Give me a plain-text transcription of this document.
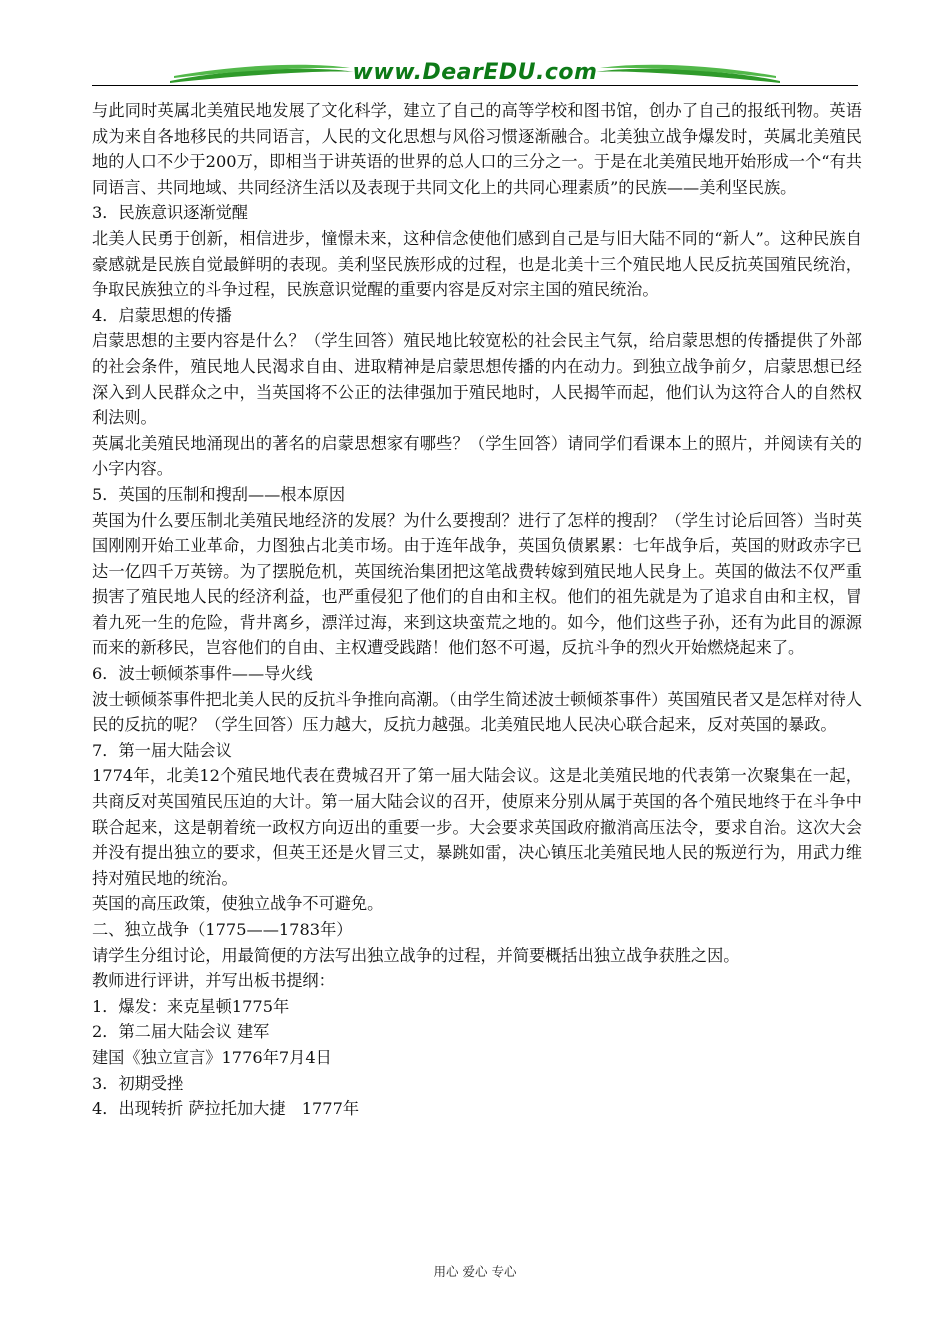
www.DearEDU.com

与此同时英属北美殖民地发展了文化科学，建立了自己的高等学校和图书馆，创办了自己的报纸刊物。英语成为来自各地移民的共同语言，人民的文化思想与风俗习惯逐渐融合。北美独立战争爆发时，英属北美殖民地的人口不少于200万，即相当于讲英语的世界的总人口的三分之一。于是在北美殖民地开始形成一个“有共同语言、共同地域、共同经济生活以及表现于共同文化上的共同心理素质”的民族——美利坚民族。

3．民族意识逐渐觉醒

北美人民勇于创新，相信进步，憧憬未来，这种信念使他们感到自己是与旧大陆不同的“新人”。这种民族自豪感就是民族自觉最鲜明的表现。美利坚民族形成的过程，也是北美十三个殖民地人民反抗英国殖民统治，争取民族独立的斗争过程，民族意识觉醒的重要内容是反对宗主国的殖民统治。

4．启蒙思想的传播

启蒙思想的主要内容是什么？（学生回答）殖民地比较宽松的社会民主气氛，给启蒙思想的传播提供了外部的社会条件，殖民地人民渴求自由、进取精神是启蒙思想传播的内在动力。到独立战争前夕，启蒙思想已经深入到人民群众之中，当英国将不公正的法律强加于殖民地时，人民揭竿而起，他们认为这符合人的自然权利法则。

英属北美殖民地涌现出的著名的启蒙思想家有哪些？（学生回答）请同学们看课本上的照片，并阅读有关的小字内容。

5．英国的压制和搜刮——根本原因

英国为什么要压制北美殖民地经济的发展？为什么要搜刮？进行了怎样的搜刮？（学生讨论后回答）当时英国刚刚开始工业革命，力图独占北美市场。由于连年战争，英国负债累累：七年战争后，英国的财政赤字已达一亿四千万英镑。为了摆脱危机，英国统治集团把这笔战费转嫁到殖民地人民身上。英国的做法不仅严重损害了殖民地人民的经济利益，也严重侵犯了他们的自由和主权。他们的祖先就是为了追求自由和主权，冒着九死一生的危险，背井离乡，漂洋过海，来到这块蛮荒之地的。如今，他们这些子孙，还有为此目的源源而来的新移民，岂容他们的自由、主权遭受践踏！他们怒不可遏，反抗斗争的烈火开始燃烧起来了。

6．波士顿倾茶事件——导火线

波士顿倾茶事件把北美人民的反抗斗争推向高潮。（由学生简述波士顿倾茶事件）英国殖民者又是怎样对待人民的反抗的呢？（学生回答）压力越大，反抗力越强。北美殖民地人民决心联合起来，反对英国的暴政。

7．第一届大陆会议

1774年，北美12个殖民地代表在费城召开了第一届大陆会议。这是北美殖民地的代表第一次聚集在一起，共商反对英国殖民压迫的大计。第一届大陆会议的召开，使原来分别从属于英国的各个殖民地终于在斗争中联合起来，这是朝着统一政权方向迈出的重要一步。大会要求英国政府撤消高压法令，要求自治。这次大会并没有提出独立的要求，但英王还是火冒三丈，暴跳如雷，决心镇压北美殖民地人民的叛逆行为，用武力维持对殖民地的统治。

英国的高压政策，使独立战争不可避免。

二、独立战争（1775——1783年）

请学生分组讨论，用最简便的方法写出独立战争的过程，并简要概括出独立战争获胜之因。

教师进行评讲，并写出板书提纲：

1．爆发：来克星顿1775年

2．第二届大陆会议 建军

建国《独立宣言》1776年7月4日

3．初期受挫

4．出现转折 萨拉托加大捷　1777年

用心 爱心 专心
